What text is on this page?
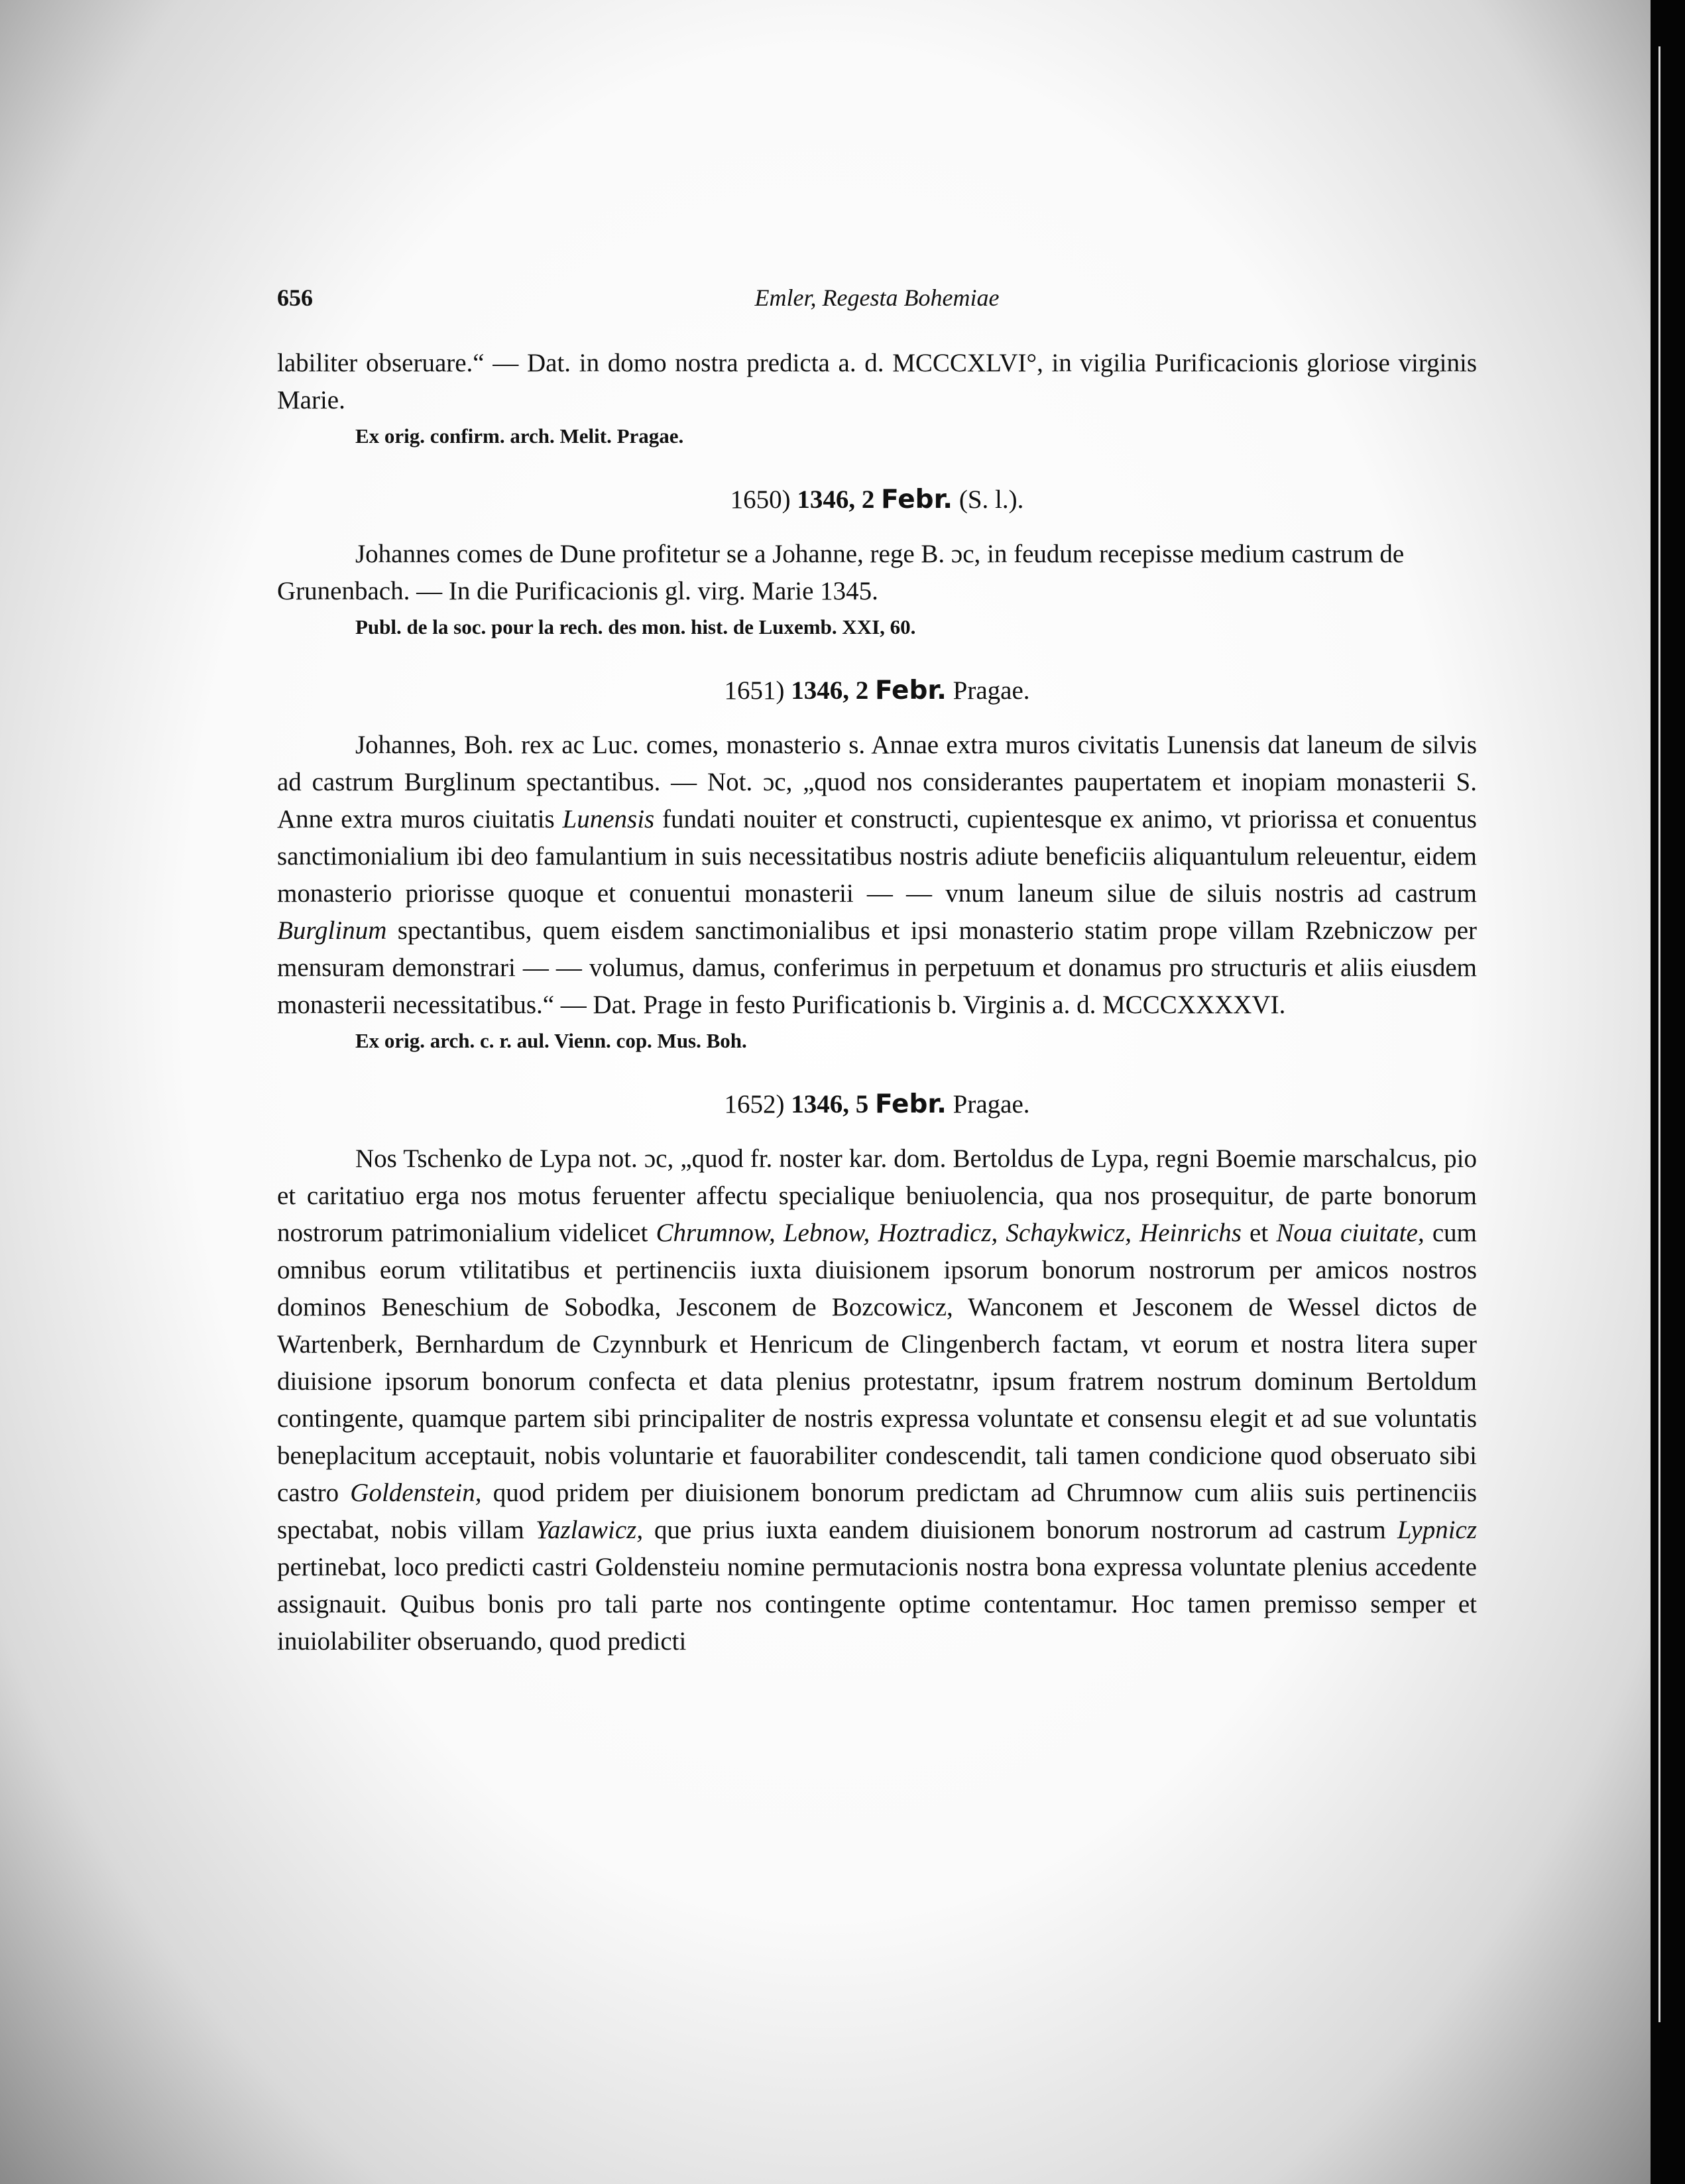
656	Emler, Regesta Bohemiae

labiliter obseruare.“ — Dat. in domo nostra predicta a. d. MCCCXLVI°, in vigilia Purificacionis gloriose virginis Marie.

Ex orig. confirm. arch. Melit. Pragae.
1650) 1346, 2 Febr. (S. l.).

Johannes comes de Dune profitetur se a Johanne, rege B. ɔc, in feudum recepisse medium castrum de Grunenbach. — In die Purificacionis gl. virg. Marie 1345.

Publ. de la soc. pour la rech. des mon. hist. de Luxemb. XXI, 60.
1651) 1346, 2 Febr. Pragae.

Johannes, Boh. rex ac Luc. comes, monasterio s. Annae extra muros civitatis Lunensis dat laneum de silvis ad castrum Burglinum spectantibus. — Not. ɔc, „quod nos considerantes paupertatem et inopiam monasterii S. Anne extra muros ciuitatis Lunensis fundati nouiter et constructi, cupientesque ex animo, vt priorissa et conuentus sanctimonialium ibi deo famulantium in suis necessitatibus nostris adiute beneficiis aliquantulum releuentur, eidem monasterio priorisse quoque et conuentui monasterii — — vnum laneum silue de siluis nostris ad castrum Burglinum spectantibus, quem eisdem sanctimonialibus et ipsi monasterio statim prope villam Rzebniczow per mensuram demonstrari — — volumus, damus, conferimus in perpetuum et donamus pro structuris et aliis eiusdem monasterii necessitatibus.“ — Dat. Prage in festo Purificationis b. Virginis a. d. MCCCXXXXVI.

Ex orig. arch. c. r. aul. Vienn. cop. Mus. Boh.
1652) 1346, 5 Febr. Pragae.

Nos Tschenko de Lypa not. ɔc, „quod fr. noster kar. dom. Bertoldus de Lypa, regni Boemie marschalcus, pio et caritatiuo erga nos motus feruenter affectu specialique beniuolencia, qua nos prosequitur, de parte bonorum nostrorum patrimonialium videlicet Chrumnow, Lebnow, Hoztradicz, Schaykwicz, Heinrichs et Noua ciuitate, cum omnibus eorum vtilitatibus et pertinenciis iuxta diuisionem ipsorum bonorum nostrorum per amicos nostros dominos Beneschium de Sobodka, Jesconem de Bozcowicz, Wanconem et Jesconem de Wessel dictos de Wartenberk, Bernhardum de Czynnburk et Henricum de Clingenberch factam, vt eorum et nostra litera super diuisione ipsorum bonorum confecta et data plenius protestatnr, ipsum fratrem nostrum dominum Bertoldum contingente, quamque partem sibi principaliter de nostris expressa voluntate et consensu elegit et ad sue voluntatis beneplacitum acceptauit, nobis voluntarie et fauorabiliter condescendit, tali tamen condicione quod obseruato sibi castro Goldenstein, quod pridem per diuisionem bonorum predictam ad Chrumnow cum aliis suis pertinenciis spectabat, nobis villam Yazlawicz, que prius iuxta eandem diuisionem bonorum nostrorum ad castrum Lypnicz pertinebat, loco predicti castri Goldensteiu nomine permutacionis nostra bona expressa voluntate plenius accedente assignauit. Quibus bonis pro tali parte nos contingente optime contentamur. Hoc tamen premisso semper et inuiolabiliter obseruando, quod predicti
